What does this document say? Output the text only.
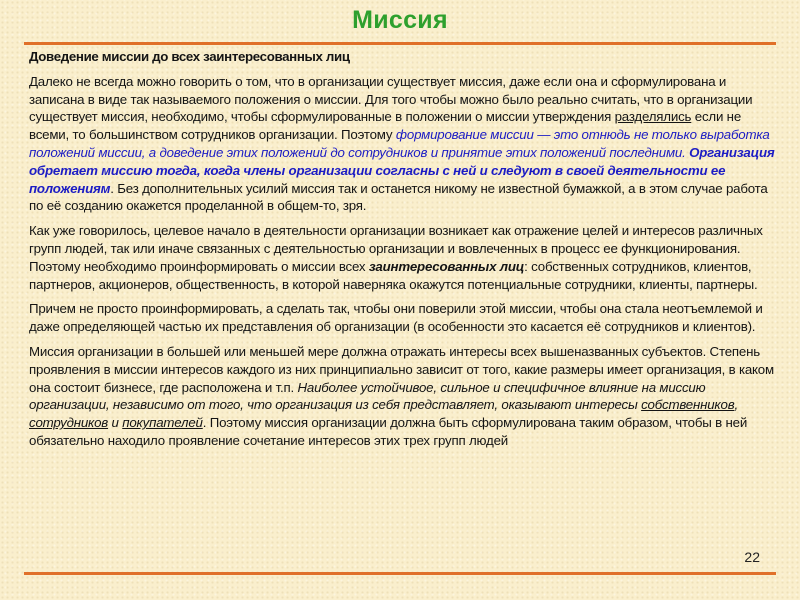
Миссия

Доведение миссии до всех заинтересованных лиц

Далеко не всегда можно говорить о том, что в организации существует миссия, даже если она и сформулирована и записана в виде так называемого положения о миссии. Для того чтобы можно было реально считать, что в организации существует миссия, необходимо, чтобы сформулированные в положении о миссии утверждения разделялись если не всеми, то большинством сотрудников организации. Поэтому формирование миссии — это отнюдь не только выработка положений миссии, а доведение этих положений до сотрудников и принятие этих положений последними. Организация обретает миссию тогда, когда члены организации согласны с ней и следуют в своей деятельности ее положениям. Без дополнительных усилий миссия так и останется никому не известной бумажкой, а в этом случае работа по её созданию окажется проделанной в общем-то, зря.

Как уже говорилось, целевое начало в деятельности организации возникает как отражение целей и интересов различных групп людей, так или иначе связанных с деятельностью организации и вовлеченных в процесс ее функционирования. Поэтому необходимо проинформировать о миссии всех заинтересованных лиц: собственных сотрудников, клиентов, партнеров, акционеров, общественность, в которой наверняка окажутся потенциальные сотрудники, клиенты, партнеры.

Причем не просто проинформировать, а сделать так, чтобы они поверили этой миссии, чтобы она стала неотъемлемой и даже определяющей частью их представления об организации (в особенности это касается её сотрудников и клиентов).

Миссия организации в большей или меньшей мере должна отражать интересы всех вышеназванных субъектов. Степень проявления в миссии интересов каждого из них принципиально зависит от того, какие размеры имеет организация, в каком она состоит бизнесе, где расположена и т.п. Наиболее устойчивое, сильное и специфичное влияние на миссию организации, независимо от того, что организация из себя представляет, оказывают интересы собственников, сотрудников и покупателей. Поэтому миссия организации должна быть сформулирована таким образом, чтобы в ней обязательно находило проявление сочетание интересов этих трех групп людей

22
